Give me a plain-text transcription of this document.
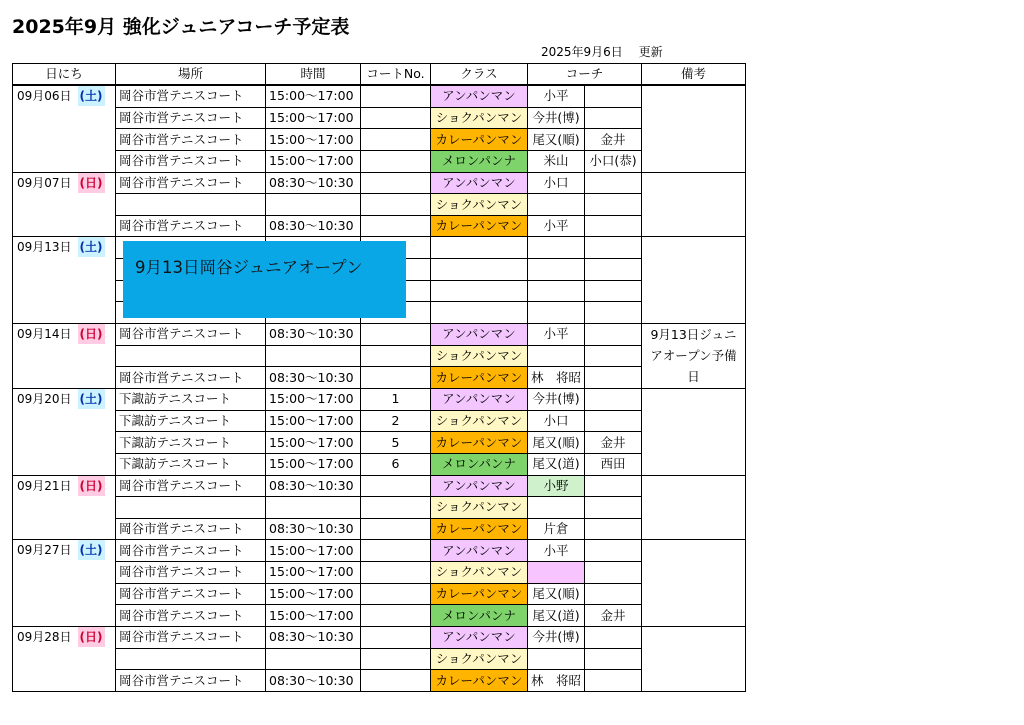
2025年9月 強化ジュニアコーチ予定表
2025年9月6日　 更新
日にち	場所	時間	コートNo.	クラス	コーチ		備考
09月06日 (土)	岡谷市営テニスコート	15:00～17:00		アンパンマン	小平		
	岡谷市営テニスコート	15:00～17:00		ショクパンマン	今井(博)		
	岡谷市営テニスコート	15:00～17:00		カレーパンマン	尾又(順)	金井	
	岡谷市営テニスコート	15:00～17:00		メロンパンナ	米山	小口(恭)	
09月07日 (日)	岡谷市営テニスコート	08:30～10:30		アンパンマン	小口		
				ショクパンマン			
	岡谷市営テニスコート	08:30～10:30		カレーパンマン	小平		
09月13日 (土)							

09月14日 (日)	岡谷市営テニスコート	08:30～10:30		アンパンマン	小平		9月13日ジュニアオープン予備日
				ショクパンマン			
	岡谷市営テニスコート	08:30～10:30		カレーパンマン	林　将昭		
09月20日 (土)	下諏訪テニスコート	15:00～17:00	1	アンパンマン	今井(博)		
	下諏訪テニスコート	15:00～17:00	2	ショクパンマン	小口		
	下諏訪テニスコート	15:00～17:00	5	カレーパンマン	尾又(順)	金井	
	下諏訪テニスコート	15:00～17:00	6	メロンパンナ	尾又(道)	西田	
09月21日 (日)	岡谷市営テニスコート	08:30～10:30		アンパンマン	小野		
				ショクパンマン			
	岡谷市営テニスコート	08:30～10:30		カレーパンマン	片倉		
09月27日 (土)	岡谷市営テニスコート	15:00～17:00		アンパンマン	小平		
	岡谷市営テニスコート	15:00～17:00		ショクパンマン			
	岡谷市営テニスコート	15:00～17:00		カレーパンマン	尾又(順)		
	岡谷市営テニスコート	15:00～17:00		メロンパンナ	尾又(道)	金井	
09月28日 (日)	岡谷市営テニスコート	08:30～10:30		アンパンマン	今井(博)		
				ショクパンマン			
	岡谷市営テニスコート	08:30～10:30		カレーパンマン	林　将昭		
9月13日岡谷ジュニアオープン
